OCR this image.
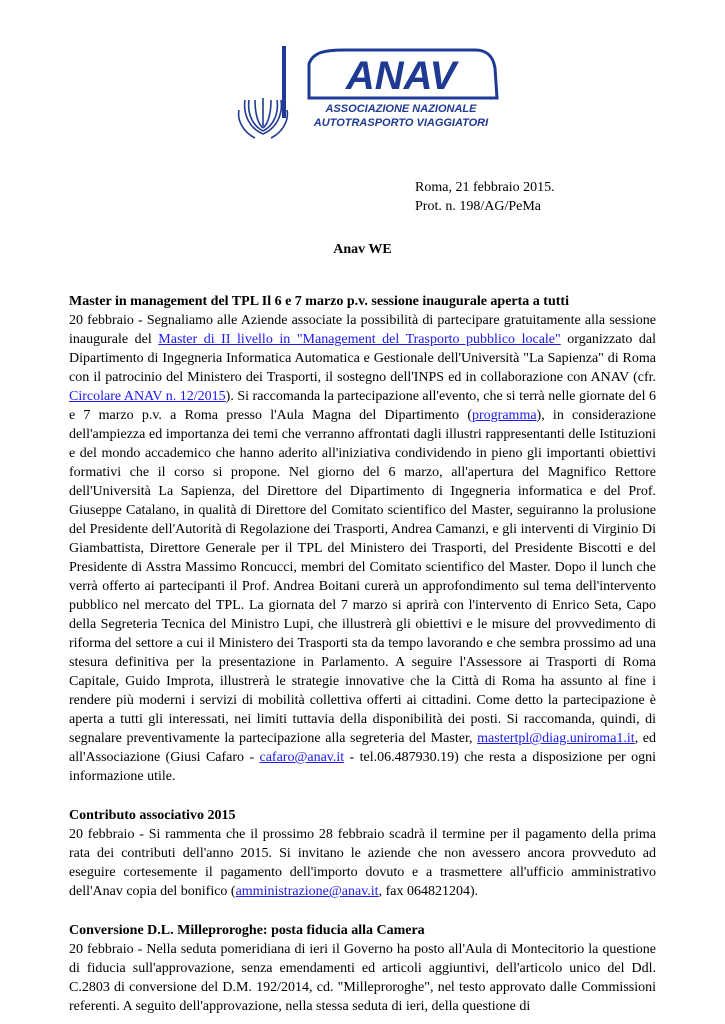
ANAV
ASSOCIAZIONE NAZIONALE
AUTOTRASPORTO VIAGGIATORI
Roma, 21 febbraio 2015.
Prot. n. 198/AG/PeMa
Anav WE
Master in management del TPL Il 6 e 7 marzo p.v. sessione inaugurale aperta a tutti

20 febbraio - Segnaliamo alle Aziende associate la possibilità di partecipare gratuitamente alla sessione inaugurale del Master di II livello in "Management del Trasporto pubblico locale" organizzato dal Dipartimento di Ingegneria Informatica Automatica e Gestionale dell'Università "La Sapienza" di Roma con il patrocinio del Ministero dei Trasporti, il sostegno dell'INPS ed in collaborazione con ANAV (cfr. Circolare ANAV n. 12/2015). Si raccomanda la partecipazione all'evento, che si terrà nelle giornate del 6 e 7 marzo p.v. a Roma presso l'Aula Magna del Dipartimento (programma), in considerazione dell'ampiezza ed importanza dei temi che verranno affrontati dagli illustri rappresentanti delle Istituzioni e del mondo accademico che hanno aderito all'iniziativa condividendo in pieno gli importanti obiettivi formativi che il corso si propone. Nel giorno del 6 marzo, all'apertura del Magnifico Rettore dell'Università La Sapienza, del Direttore del Dipartimento di Ingegneria informatica e del Prof. Giuseppe Catalano, in qualità di Direttore del Comitato scientifico del Master, seguiranno la prolusione del Presidente dell'Autorità di Regolazione dei Trasporti, Andrea Camanzi, e gli interventi di Virginio Di Giambattista, Direttore Generale per il TPL del Ministero dei Trasporti, del Presidente Biscotti e del Presidente di Asstra Massimo Roncucci, membri del Comitato scientifico del Master. Dopo il lunch che verrà offerto ai partecipanti il Prof. Andrea Boitani curerà un approfondimento sul tema dell'intervento pubblico nel mercato del TPL. La giornata del 7 marzo si aprirà con l'intervento di Enrico Seta, Capo della Segreteria Tecnica del Ministro Lupi, che illustrerà gli obiettivi e le misure del provvedimento di riforma del settore a cui il Ministero dei Trasporti sta da tempo lavorando e che sembra prossimo ad una stesura definitiva per la presentazione in Parlamento. A seguire l'Assessore ai Trasporti di Roma Capitale, Guido Improta, illustrerà le strategie innovative che la Città di Roma ha assunto al fine i rendere più moderni i servizi di mobilità collettiva offerti ai cittadini. Come detto la partecipazione è aperta a tutti gli interessati, nei limiti tuttavia della disponibilità dei posti. Si raccomanda, quindi, di segnalare preventivamente la partecipazione alla segreteria del Master, mastertpl@diag.uniroma1.it, ed all'Associazione (Giusi Cafaro - cafaro@anav.it - tel.06.487930.19) che resta a disposizione per ogni informazione utile.

Contributo associativo 2015

20 febbraio - Si rammenta che il prossimo 28 febbraio scadrà il termine per il pagamento della prima rata dei contributi dell'anno 2015. Si invitano le aziende che non avessero ancora provveduto ad eseguire cortesemente il pagamento dell'importo dovuto e a trasmettere all'ufficio amministrativo dell'Anav copia del bonifico (amministrazione@anav.it, fax 064821204).

Conversione D.L. Milleproroghe: posta fiducia alla Camera

20 febbraio - Nella seduta pomeridiana di ieri il Governo ha posto all'Aula di Montecitorio la questione di fiducia sull'approvazione, senza emendamenti ed articoli aggiuntivi, dell'articolo unico del Ddl. C.2803 di conversione del D.M. 192/2014, cd. "Milleproroghe", nel testo approvato dalle Commissioni referenti. A seguito dell'approvazione, nella stessa seduta di ieri, della questione di
